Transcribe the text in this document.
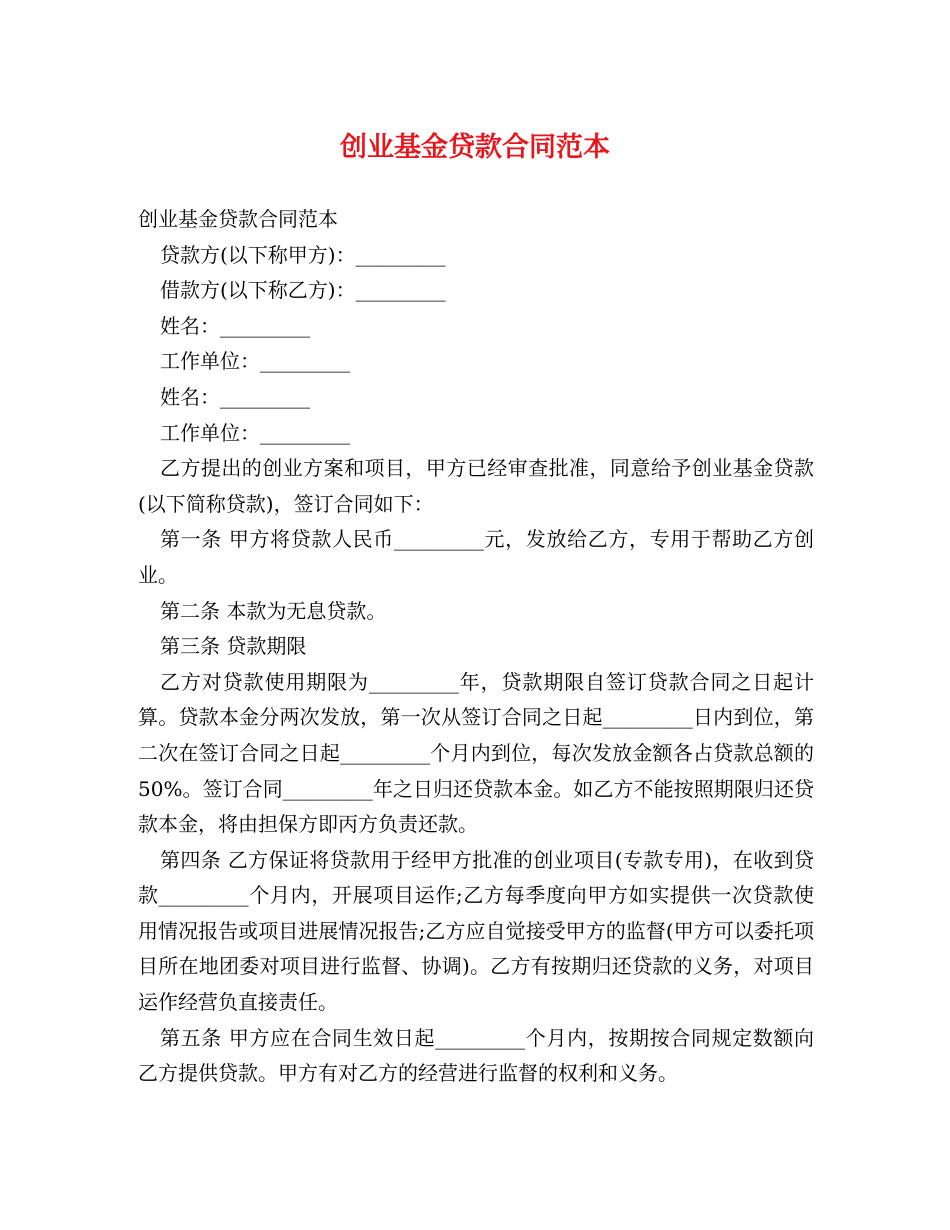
创业基金贷款合同范本

创业基金贷款合同范本

贷款方(以下称甲方)：_________

借款方(以下称乙方)：_________

姓名：_________

工作单位：_________

姓名：_________

工作单位：_________

乙方提出的创业方案和项目，甲方已经审查批准，同意给予创业基金贷款(以下简称贷款)，签订合同如下：

第一条 甲方将贷款人民币_________元，发放给乙方，专用于帮助乙方创业。

第二条 本款为无息贷款。

第三条 贷款期限

乙方对贷款使用期限为_________年，贷款期限自签订贷款合同之日起计算。贷款本金分两次发放，第一次从签订合同之日起_________日内到位，第二次在签订合同之日起_________个月内到位，每次发放金额各占贷款总额的50%。签订合同_________年之日归还贷款本金。如乙方不能按照期限归还贷款本金，将由担保方即丙方负责还款。

第四条 乙方保证将贷款用于经甲方批准的创业项目(专款专用)，在收到贷款_________个月内，开展项目运作;乙方每季度向甲方如实提供一次贷款使用情况报告或项目进展情况报告;乙方应自觉接受甲方的监督(甲方可以委托项目所在地团委对项目进行监督、协调)。乙方有按期归还贷款的义务，对项目运作经营负直接责任。

第五条 甲方应在合同生效日起_________个月内，按期按合同规定数额向乙方提供贷款。甲方有对乙方的经营进行监督的权利和义务。
